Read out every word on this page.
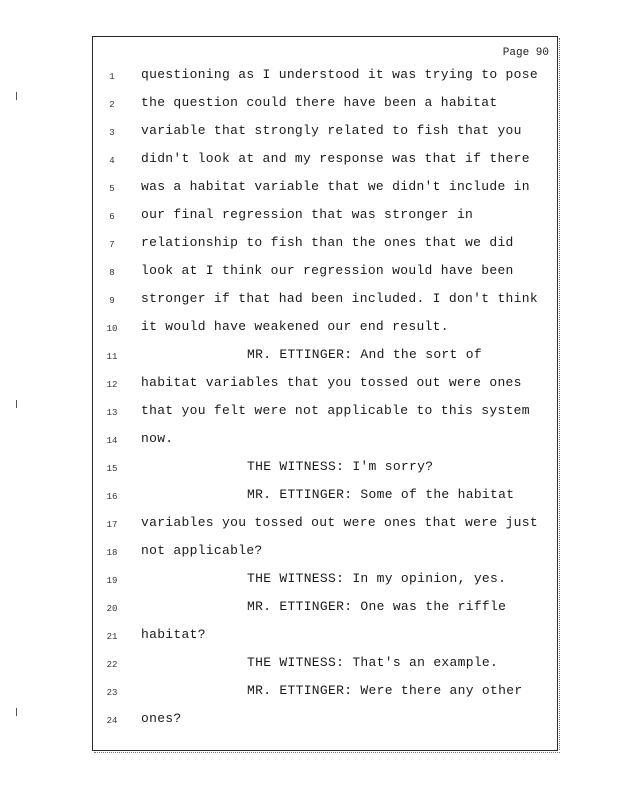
Page 90
1	questioning as I understood it was trying to pose
2	the question could there have been a habitat
3	variable that strongly related to fish that you
4	didn't look at and my response was that if there
5	was a habitat variable that we didn't include in
6	our final regression that was stronger in
7	relationship to fish than the ones that we did
8	look at I think our regression would have been
9	stronger if that had been included. I don't think
10 it would have weakened our end result.
11	MR. ETTINGER: And the sort of
12 habitat variables that you tossed out were ones
13 that you felt were not applicable to this system
14 now.
15	THE WITNESS: I'm sorry?
16	MR. ETTINGER: Some of the habitat
17 variables you tossed out were ones that were just
18 not applicable?
19	THE WITNESS: In my opinion, yes.
20	MR. ETTINGER: One was the riffle
21 habitat?
22	THE WITNESS: That's an example.
23	MR. ETTINGER: Were there any other
24 ones?
